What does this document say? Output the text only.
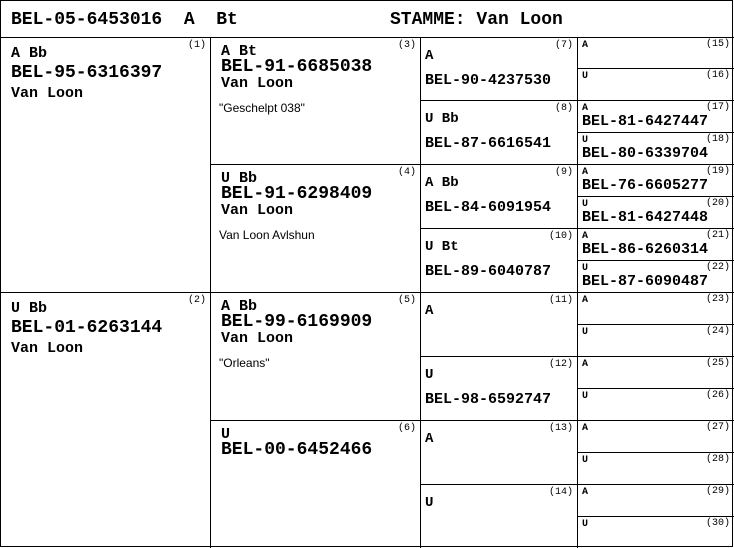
BEL-05-6453016  A  Bt	STAMME: Van Loon
(1)
A Bb
BEL-95-6316397
Van Loon
(2)
U Bb
BEL-01-6263144
Van Loon
(3)
A Bt
BEL-91-6685038
Van Loon
"Geschelpt 038"
(4)
U Bb
BEL-91-6298409
Van Loon
Van Loon Avlshun
(5)
A Bb
BEL-99-6169909
Van Loon
"Orleans"
(6)
U
BEL-00-6452466
(7)
A
BEL-90-4237530
(8)
U Bb
BEL-87-6616541
(9)
A Bb
BEL-84-6091954
(10)
U Bt
BEL-89-6040787
(11)
A
(12)
U
BEL-98-6592747
(13)
A
(14)
U
(15)
A
(16)
U
(17)
A
BEL-81-6427447
(18)
U
BEL-80-6339704
(19)
A
BEL-76-6605277
(20)
U
BEL-81-6427448
(21)
A
BEL-86-6260314
(22)
U
BEL-87-6090487
(23)
A
(24)
U
(25)
A
(26)
U
(27)
A
(28)
U
(29)
A
(30)
U
